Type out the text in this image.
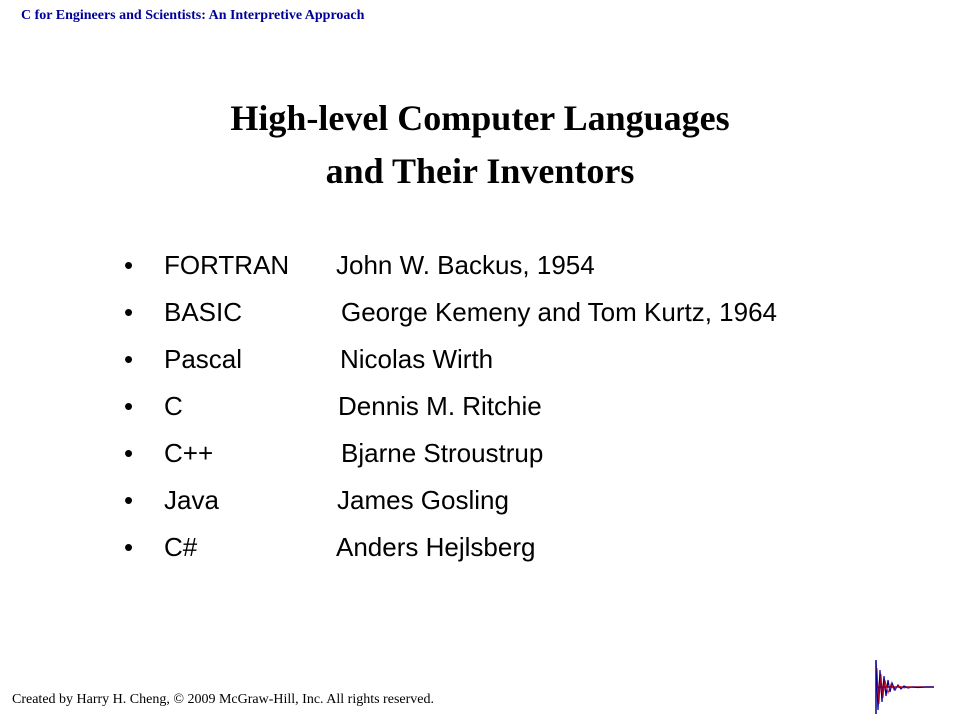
C for Engineers and Scientists: An Interpretive Approach
High-level Computer Languages
and Their Inventors
• FORTRAN John W. Backus, 1954
• BASIC	George Kemeny and Tom Kurtz, 1964
• Pascal	Nicolas Wirth
• C	Dennis M. Ritchie
• C++	Bjarne Stroustrup
• Java	James Gosling
• C#	Anders Hejlsberg
Created by Harry H. Cheng, © 2009 McGraw-Hill, Inc. All rights reserved.
